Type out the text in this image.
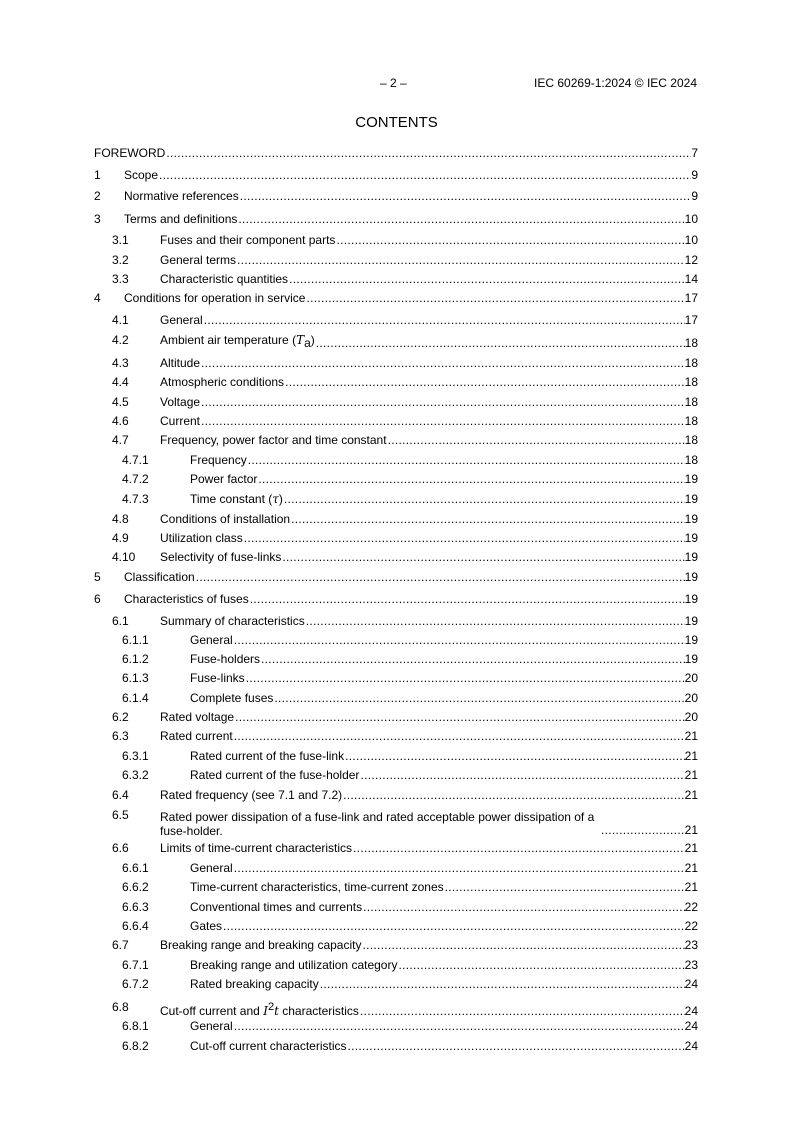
– 2 –	IEC 60269-1:2024 © IEC 2024
CONTENTS
FOREWORD .....	7
1 Scope .....	9
2 Normative references .....	9
3 Terms and definitions .....	10
3.1	Fuses and their component parts .....	10
3.2	General terms .....	12
3.3	Characteristic quantities .....	14
4 Conditions for operation in service .....	17
4.1	General .....	17
4.2	Ambient air temperature $(T_a)$ .....	18
4.3	Altitude .....	18
4.4	Atmospheric conditions .....	18
4.5	Voltage .....	18
4.6	Current .....	18
4.7	Frequency, power factor and time constant .....	18
4.7.1	Frequency .....	18
4.7.2	Power factor .....	19
4.7.3	Time constant (τ) .....	19
4.8	Conditions of installation .....	19
4.9	Utilization class .....	19
4.10 Selectivity of fuse-links .....	19
5 Classification .....	19
6 Characteristics of fuses .....	19
6.1	Summary of characteristics .....	19
6.1.1	General .....	19
6.1.2	Fuse-holders .....	19
6.1.3	Fuse-links .....	20
6.1.4	Complete fuses .....	20
6.2	Rated voltage .....	20
6.3	Rated current .....	21
6.3.1	Rated current of the fuse-link .....	21
6.3.2	Rated current of the fuse-holder .....	21
6.4	Rated frequency (see 7.1 and 7.2) .....	21
6.5	Rated power dissipation of a fuse-link and rated acceptable power dissipation of a fuse-holder. .....	21
6.6	Limits of time-current characteristics .....	21
6.6.1	General .....	21
6.6.2	Time-current characteristics, time-current zones .....	21
6.6.3	Conventional times and currents .....	22
6.6.4	Gates .....	22
6.7	Breaking range and breaking capacity .....	23
6.7.1	Breaking range and utilization category .....	23
6.7.2	Rated breaking capacity .....	24
6.8	Cut-off current and $I^2t$ characteristics .....	24
6.8.1	General .....	24
6.8.2	Cut-off current characteristics .....	24
